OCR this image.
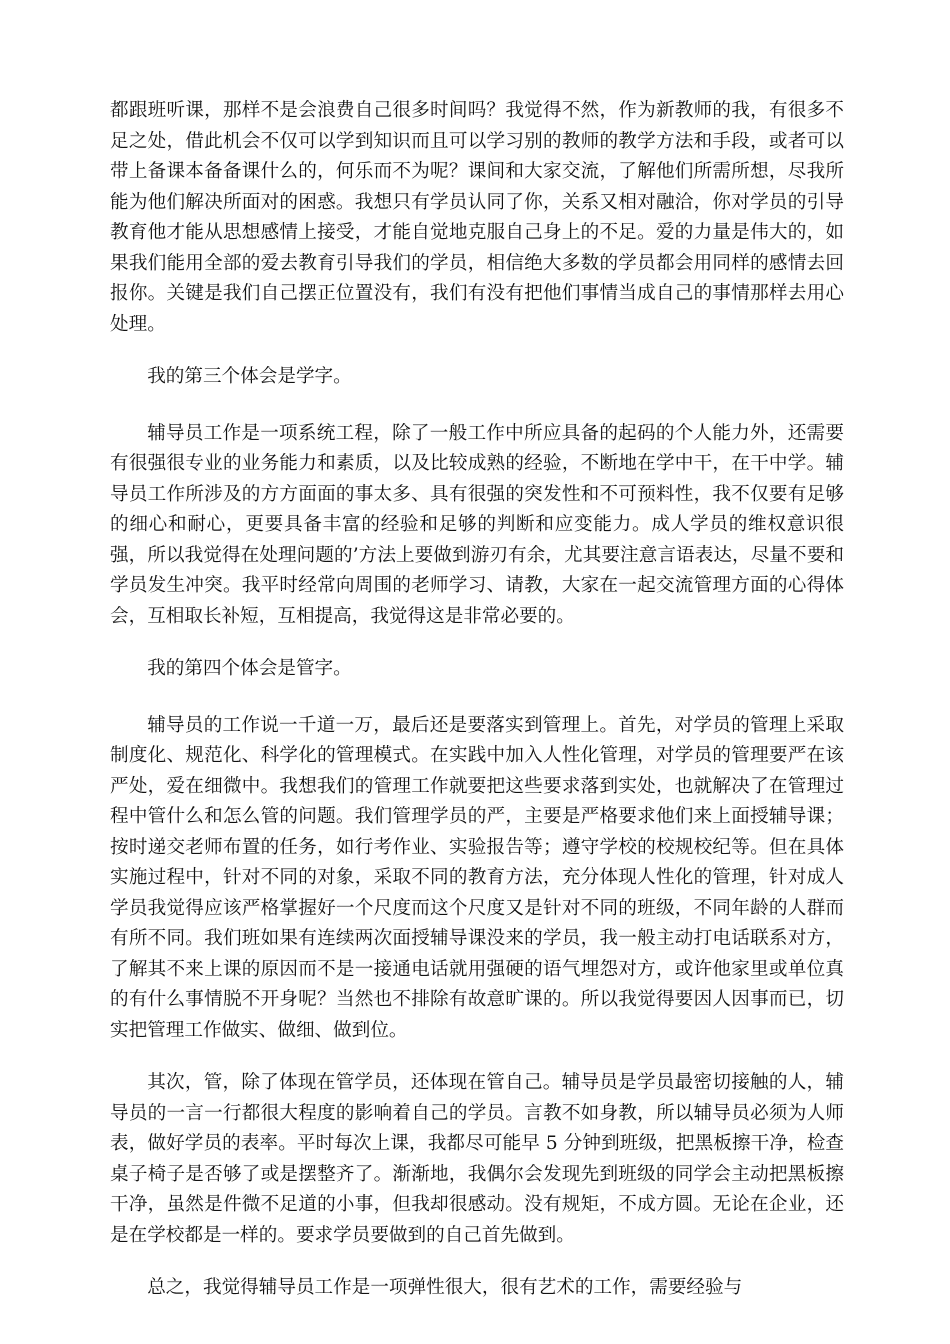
都跟班听课，那样不是会浪费自己很多时间吗？我觉得不然，作为新教师的我，有很多不足之处，借此机会不仅可以学到知识而且可以学习别的教师的教学方法和手段，或者可以带上备课本备备课什么的，何乐而不为呢？课间和大家交流，了解他们所需所想，尽我所能为他们解决所面对的困惑。我想只有学员认同了你，关系又相对融洽，你对学员的引导教育他才能从思想感情上接受，才能自觉地克服自己身上的不足。爱的力量是伟大的，如果我们能用全部的爱去教育引导我们的学员，相信绝大多数的学员都会用同样的感情去回报你。关键是我们自己摆正位置没有，我们有没有把他们事情当成自己的事情那样去用心处理。

我的第三个体会是学字。

辅导员工作是一项系统工程，除了一般工作中所应具备的起码的个人能力外，还需要有很强很专业的业务能力和素质，以及比较成熟的经验，不断地在学中干，在干中学。辅导员工作所涉及的方方面面的事太多、具有很强的突发性和不可预料性，我不仅要有足够的细心和耐心，更要具备丰富的经验和足够的判断和应变能力。成人学员的维权意识很强，所以我觉得在处理问题的’方法上要做到游刃有余，尤其要注意言语表达，尽量不要和学员发生冲突。我平时经常向周围的老师学习、请教，大家在一起交流管理方面的心得体会，互相取长补短，互相提高，我觉得这是非常必要的。

我的第四个体会是管字。

辅导员的工作说一千道一万，最后还是要落实到管理上。首先，对学员的管理上采取制度化、规范化、科学化的管理模式。在实践中加入人性化管理，对学员的管理要严在该严处，爱在细微中。我想我们的管理工作就要把这些要求落到实处，也就解决了在管理过程中管什么和怎么管的问题。我们管理学员的严，主要是严格要求他们来上面授辅导课；按时递交老师布置的任务，如行考作业、实验报告等；遵守学校的校规校纪等。但在具体实施过程中，针对不同的对象，采取不同的教育方法，充分体现人性化的管理，针对成人学员我觉得应该严格掌握好一个尺度而这个尺度又是针对不同的班级，不同年龄的人群而有所不同。我们班如果有连续两次面授辅导课没来的学员，我一般主动打电话联系对方，了解其不来上课的原因而不是一接通电话就用强硬的语气埋怨对方，或许他家里或单位真的有什么事情脱不开身呢？当然也不排除有故意旷课的。所以我觉得要因人因事而已，切实把管理工作做实、做细、做到位。

其次，管，除了体现在管学员，还体现在管自己。辅导员是学员最密切接触的人，辅导员的一言一行都很大程度的影响着自己的学员。言教不如身教，所以辅导员必须为人师表，做好学员的表率。平时每次上课，我都尽可能早 5 分钟到班级，把黑板擦干净，检查桌子椅子是否够了或是摆整齐了。渐渐地，我偶尔会发现先到班级的同学会主动把黑板擦干净，虽然是件微不足道的小事，但我却很感动。没有规矩，不成方圆。无论在企业，还是在学校都是一样的。要求学员要做到的自己首先做到。

总之，我觉得辅导员工作是一项弹性很大，很有艺术的工作，需要经验与
